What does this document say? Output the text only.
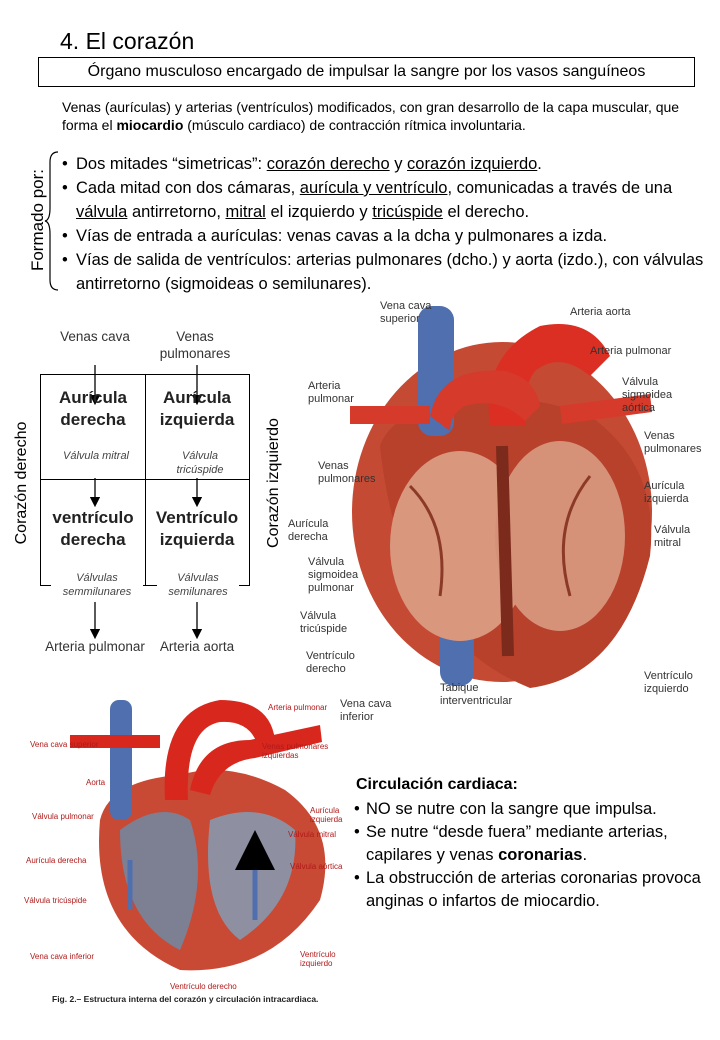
4. El corazón
Órgano musculoso encargado de impulsar la sangre por los vasos sanguíneos
Venas (aurículas) y arterias (ventrículos) modificados, con gran desarrollo de la capa muscular, que forma el miocardio (músculo cardiaco) de contracción rítmica involuntaria.
Formado por:
• Dos mitades “simetricas”: corazón derecho y corazón izquierdo.
• Cada mitad con dos cámaras, aurícula y ventrículo, comunicadas a través de una válvula antirretorno, mitral el izquierdo y tricúspide el derecho.
• Vías de entrada a aurículas: venas cavas a la dcha y pulmonares a izda.
• Vías de salida de ventrículos: arterias pulmonares (dcho.) y aorta (izdo.), con válvulas antirretorno (sigmoideas o semilunares).
Venas cava	Venas pulmonares
Aurícula derecha
Aurícula izquierda
Válvula mitral	Válvula tricúspide
ventrículo derecha
Ventrículo izquierda
Válvulas semmilunares
Válvulas semilunares
Arteria pulmonar	Arteria aorta
Corazón derecho	Corazón izquierdo
Vena cava superior
Arteria aorta
Arteria pulmonar
Arteria pulmonar
Válvula sigmoidea aórtica
Venas pulmonares
Venas pulmonares
Aurícula izquierda
Aurícula derecha
Válvula mitral
Válvula sigmoidea pulmonar
Válvula tricúspide
Ventrículo derecho
Vena cava inferior
Tabique interventricular
Ventrículo izquierdo
Arteria pulmonar
Vena cava superior	Venas pulmonares izquierdas
Aorta
Válvula pulmonar
Aurícula izquierda
Válvula mitral
Aurícula derecha
Válvula aórtica
Válvula tricúspide
Vena cava inferior	Ventrículo izquierdo
Ventrículo derecho
Fig. 2.– Estructura interna del corazón y circulación intracardiaca.
Circulación cardiaca:
• NO se nutre con la sangre que impulsa.
• Se nutre “desde fuera” mediante arterias, capilares y venas coronarias.
• La obstrucción de arterias coronarias provoca anginas o infartos de miocardio.
